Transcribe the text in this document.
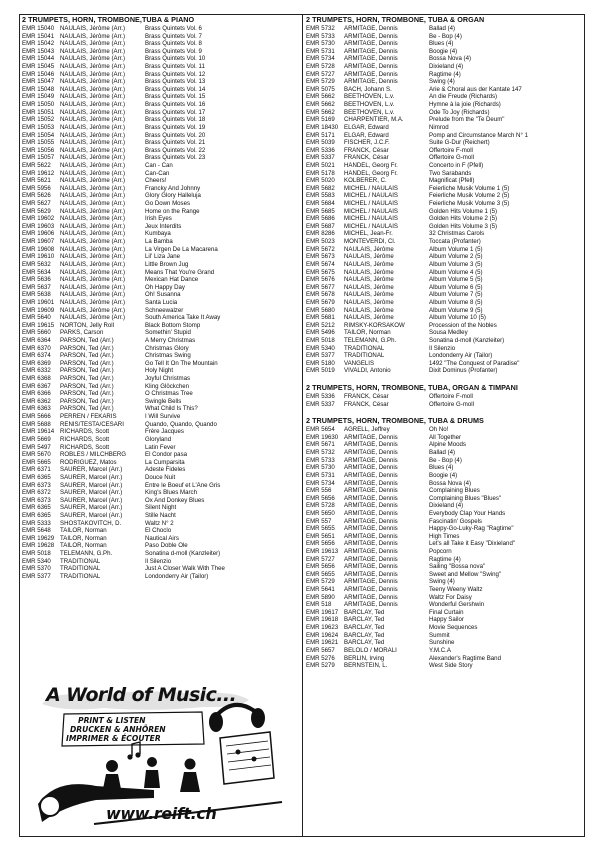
2 TRUMPETS, HORN, TROMBONE,TUBA & PIANO
EMR 15040 NAULAIS, Jérôme (Arr.)	Brass Quintets Vol. 6
EMR 15041 NAULAIS, Jérôme (Arr.)	Brass Quintets Vol. 7
EMR 15042 NAULAIS, Jérôme (Arr.)	Brass Quintets Vol. 8
EMR 15043 NAULAIS, Jérôme (Arr.)	Brass Quintets Vol. 9
EMR 15044 NAULAIS, Jérôme (Arr.)	Brass Quintets Vol. 10
EMR 15045 NAULAIS, Jérôme (Arr.)	Brass Quintets Vol. 11
EMR 15046 NAULAIS, Jérôme (Arr.)	Brass Quintets Vol. 12
EMR 15047 NAULAIS, Jérôme (Arr.)	Brass Quintets Vol. 13
EMR 15048 NAULAIS, Jérôme (Arr.)	Brass Quintets Vol. 14
EMR 15049 NAULAIS, Jérôme (Arr.)	Brass Quintets Vol. 15
EMR 15050 NAULAIS, Jérôme (Arr.)	Brass Quintets Vol. 16
EMR 15051 NAULAIS, Jérôme (Arr.)	Brass Quintets Vol. 17
EMR 15052 NAULAIS, Jérôme (Arr.)	Brass Quintets Vol. 18
EMR 15053 NAULAIS, Jérôme (Arr.)	Brass Quintets Vol. 19
EMR 15054 NAULAIS, Jérôme (Arr.)	Brass Quintets Vol. 20
EMR 15055 NAULAIS, Jérôme (Arr.)	Brass Quintets Vol. 21
EMR 15056 NAULAIS, Jérôme (Arr.)	Brass Quintets Vol. 22
EMR 15057 NAULAIS, Jérôme (Arr.)	Brass Quintets Vol. 23
EMR 5622	NAULAIS, Jérôme (Arr.)	Can - Can
EMR 19612 NAULAIS, Jérôme (Arr.)	Can-Can
EMR 5621	NAULAIS, Jérôme (Arr.)	Cheers!
EMR 5956	NAULAIS, Jérôme (Arr.)	Francky And Johnny
EMR 5626	NAULAIS, Jérôme (Arr.)	Glory Glory Halleluja
EMR 5627	NAULAIS, Jérôme (Arr.)	Go Down Moses
EMR 5629	NAULAIS, Jérôme (Arr.)	Home on the Range
EMR 19602 NAULAIS, Jérôme (Arr.)	Irish Eyes
EMR 19603 NAULAIS, Jérôme (Arr.)	Jeux Interdits
EMR 19606 NAULAIS, Jérôme (Arr.)	Kumbaya
EMR 19607 NAULAIS, Jérôme (Arr.)	La Bamba
EMR 19608 NAULAIS, Jérôme (Arr.)	La Virgen De La Macarena
EMR 19610 NAULAIS, Jérôme (Arr.)	Lil' Liza Jane
EMR 5632	NAULAIS, Jérôme (Arr.)	Little Brown Jug
EMR 5634	NAULAIS, Jérôme (Arr.)	Means That You're Grand
EMR 5636	NAULAIS, Jérôme (Arr.)	Mexican Hat Dance
EMR 5637	NAULAIS, Jérôme (Arr.)	Oh Happy Day
EMR 5638	NAULAIS, Jérôme (Arr.)	Oh! Susanna
EMR 19601 NAULAIS, Jérôme (Arr.)	Santa Lucia
EMR 19609 NAULAIS, Jérôme (Arr.)	Schneewalzer
EMR 5640	NAULAIS, Jérôme (Arr.)	South America Take It Away
EMR 19615 NORTON, Jelly Roll	Black Bottom Stomp
EMR 5660	PARKS, Carson	Somethin' Stupid
EMR 6364	PARSON, Ted (Arr.)	A Merry Christmas
EMR 6370	PARSON, Ted (Arr.)	Christmas Glory
EMR 6374	PARSON, Ted (Arr.)	Christmas Swing
EMR 6369	PARSON, Ted (Arr.)	Go Tell It On The Mountain
EMR 6332	PARSON, Ted (Arr.)	Holy Night
EMR 6368	PARSON, Ted (Arr.)	Joyful Christmas
EMR 6367	PARSON, Ted (Arr.)	Kling Glöckchen
EMR 6366	PARSON, Ted (Arr.)	O Christmas Tree
EMR 6362	PARSON, Ted (Arr.)	Swingle Bells
EMR 6363	PARSON, Ted (Arr.)	What Child Is This?
EMR 5666	PERREN / FEKARIS	I Will Survive
EMR 5688	RENIS/TESTA/CESARI	Quando, Quando, Quando
EMR 19614 RICHARDS, Scott	Frère Jacques
EMR 5669	RICHARDS, Scott	Gloryland
EMR 5497	RICHARDS, Scott	Latin Fever
EMR 5670	ROBLES / MILCHBERG	El Condor pasa
EMR 5665	RODRIGUEZ, Matos	La Cumparsita
EMR 6371	SAURER, Marcel (Arr.)	Adeste Fideles
EMR 6365	SAURER, Marcel (Arr.)	Douce Nuit
EMR 6373	SAURER, Marcel (Arr.)	Entre le Boeuf et L'Âne Gris
EMR 6372	SAURER, Marcel (Arr.)	King's Blues March
EMR 6373	SAURER, Marcel (Arr.)	Ox And Donkey Blues
EMR 6365	SAURER, Marcel (Arr.)	Silent Night
EMR 6365	SAURER, Marcel (Arr.)	Stille Nacht
EMR 5333	SHOSTAKOVITCH, D.	Waltz N° 2
EMR 5648	TAILOR, Norman	El Choclo
EMR 19629 TAILOR, Norman	Nautical Airs
EMR 19628 TAILOR, Norman	Paso Doble Ole
EMR 5018	TELEMANN, G.Ph.	Sonatina d-moll (Kanzleiter)
EMR 5340	TRADITIONAL	Il Silenzio
EMR 5370	TRADITIONAL	Just A Closer Walk With Thee
EMR 5377	TRADITIONAL	Londonderry Air (Tailor)
2 TRUMPETS, HORN, TROMBONE, TUBA & ORGAN
EMR 5732	ARMITAGE, Dennis	Ballad (4)
EMR 5733	ARMITAGE, Dennis	Be - Bop (4)
EMR 5730	ARMITAGE, Dennis	Blues (4)
EMR 5731	ARMITAGE, Dennis	Boogie (4)
EMR 5734	ARMITAGE, Dennis	Bossa Nova (4)
EMR 5728	ARMITAGE, Dennis	Dixieland (4)
EMR 5727	ARMITAGE, Dennis	Ragtime (4)
EMR 5729	ARMITAGE, Dennis	Swing (4)
EMR 5075	BACH, Johann S.	Arie & Choral aus der Kantate 147
EMR 5662	BEETHOVEN, L.v.	An die Freude (Richards)
EMR 5662	BEETHOVEN, L.v.	Hymne à la joie (Richards)
EMR 5662	BEETHOVEN, L.v.	Ode To Joy (Richards)
EMR 5169	CHARPENTIER, M.A.	Prelude from the "Te Deum"
EMR 18430 ELGAR, Edward	Nimrod
EMR 5171	ELGAR, Edward	Pomp and Circumstance March N° 1
EMR 5039	FISCHER, J.C.F.	Suite G-Dur (Reichert)
EMR 5336	FRANCK, César	Offertoire F-moll
EMR 5337	FRANCK, César	Offertoire G-moll
EMR 5021	HÄNDEL, Georg Fr.	Concerto in F (Pfell)
EMR 5178	HÄNDEL, Georg Fr.	Two Sarabands
EMR 5020	KOLBERER, C.	Magnificat (Pfell)
EMR 5682	MICHEL / NAULAIS	Feierliche Musik Volume 1 (5)
EMR 5583	MICHEL / NAULAIS	Feierliche Musik Volume 2 (5)
EMR 5684	MICHEL / NAULAIS	Feierliche Musik Volume 3 (5)
EMR 5685	MICHEL / NAULAIS	Golden Hits Volume 1 (5)
EMR 5686	MICHEL / NAULAIS	Golden Hits Volume 2 (5)
EMR 5687	MICHEL / NAULAIS	Golden Hits Volume 3 (5)
EMR 8286	MICHEL, Jean-Fr.	32 Christmas Carols
EMR 5023	MONTEVERDI, Cl.	Toccata (Profanter)
EMR 5672	NAULAIS, Jérôme	Album Volume 1 (5)
EMR 5673	NAULAIS, Jérôme	Album Volume 2 (5)
EMR 5674	NAULAIS, Jérôme	Album Volume 3 (5)
EMR 5675	NAULAIS, Jérôme	Album Volume 4 (5)
EMR 5676	NAULAIS, Jérôme	Album Volume 5 (5)
EMR 5677	NAULAIS, Jérôme	Album Volume 6 (5)
EMR 5678	NAULAIS, Jérôme	Album Volume 7 (5)
EMR 5679	NAULAIS, Jérôme	Album Volume 8 (5)
EMR 5680	NAULAIS, Jérôme	Album Volume 9 (5)
EMR 5681	NAULAIS, Jérôme	Album Volume 10 (5)
EMR 5212	RIMSKY-KORSAKOW	Procession of the Nobles
EMR 5496	TAILOR, Norman	Sousa Medley
EMR 5018	TELEMANN, G.Ph.	Sonatina d-moll (Kanzleiter)
EMR 5340	TRADITIONAL	Il Silenzio
EMR 5377	TRADITIONAL	Londonderry Air (Tailor)
EMR 5180	VANGELIS	1492 "The Conquest of Paradise"
EMR 5019	VIVALDI, Antonio	Dixit Dominus (Profanter)
2 TRUMPETS, HORN, TROMBONE, TUBA, ORGAN & TIMPANI
EMR 5336	FRANCK, César	Offertoire F-moll
EMR 5337	FRANCK, César	Offertoire G-moll
2 TRUMPETS, HORN, TROMBONE, TUBA & DRUMS
EMR 5654	AGRELL, Jeffrey	Oh No!
EMR 19630 ARMITAGE, Dennis	All Together
EMR 5671	ARMITAGE, Dennis	Alpine Moods
EMR 5732	ARMITAGE, Dennis	Ballad (4)
EMR 5733	ARMITAGE, Dennis	Be - Bop (4)
EMR 5730	ARMITAGE, Dennis	Blues (4)
EMR 5731	ARMITAGE, Dennis	Boogie (4)
EMR 5734	ARMITAGE, Dennis	Bossa Nova (4)
EMR 556	ARMITAGE, Dennis	Complaining Blues
EMR 5656	ARMITAGE, Dennis	Complaining Blues "Blues"
EMR 5728	ARMITAGE, Dennis	Dixieland (4)
EMR 5650	ARMITAGE, Dennis	Everybody Clap Your Hands
EMR 557	ARMITAGE, Dennis	Fascinatin' Gospels
EMR 5655	ARMITAGE, Dennis	Happy-Go-Luky-Rag "Ragtime"
EMR 5651	ARMITAGE, Dennis	High Times
EMR 5656	ARMITAGE, Dennis	Let's all Take it Easy "Dixieland"
EMR 19613 ARMITAGE, Dennis	Popcorn
EMR 5727	ARMITAGE, Dennis	Ragtime (4)
EMR 5656	ARMITAGE, Dennis	Sailing "Bossa nova"
EMR 5655	ARMITAGE, Dennis	Sweet and Mellow "Swing"
EMR 5729	ARMITAGE, Dennis	Swing (4)
EMR 5641	ARMITAGE, Dennis	Teeny Weeny Waltz
EMR 5890	ARMITAGE, Dennis	Waltz For Daisy
EMR 518	ARMITAGE, Dennis	Wonderful Gershwin
EMR 19617 BARCLAY, Ted	Final Curtain
EMR 19618 BARCLAY, Ted	Happy Sailor
EMR 19623 BARCLAY, Ted	Movie Sequences
EMR 19624 BARCLAY, Ted	Summit
EMR 19621 BARCLAY, Ted	Sunshine
EMR 5657	BELOLO / MORALI	Y.M.C.A
EMR 5276	BERLIN, Irving	Alexander's Ragtime Band
EMR 5279	BERNSTEIN, L.	West Side Story
A World of Music...
PRINT & LISTEN
DRUCKEN & ANHÖREN
IMPRIMER & ÉCOUTER
www.reift.ch
